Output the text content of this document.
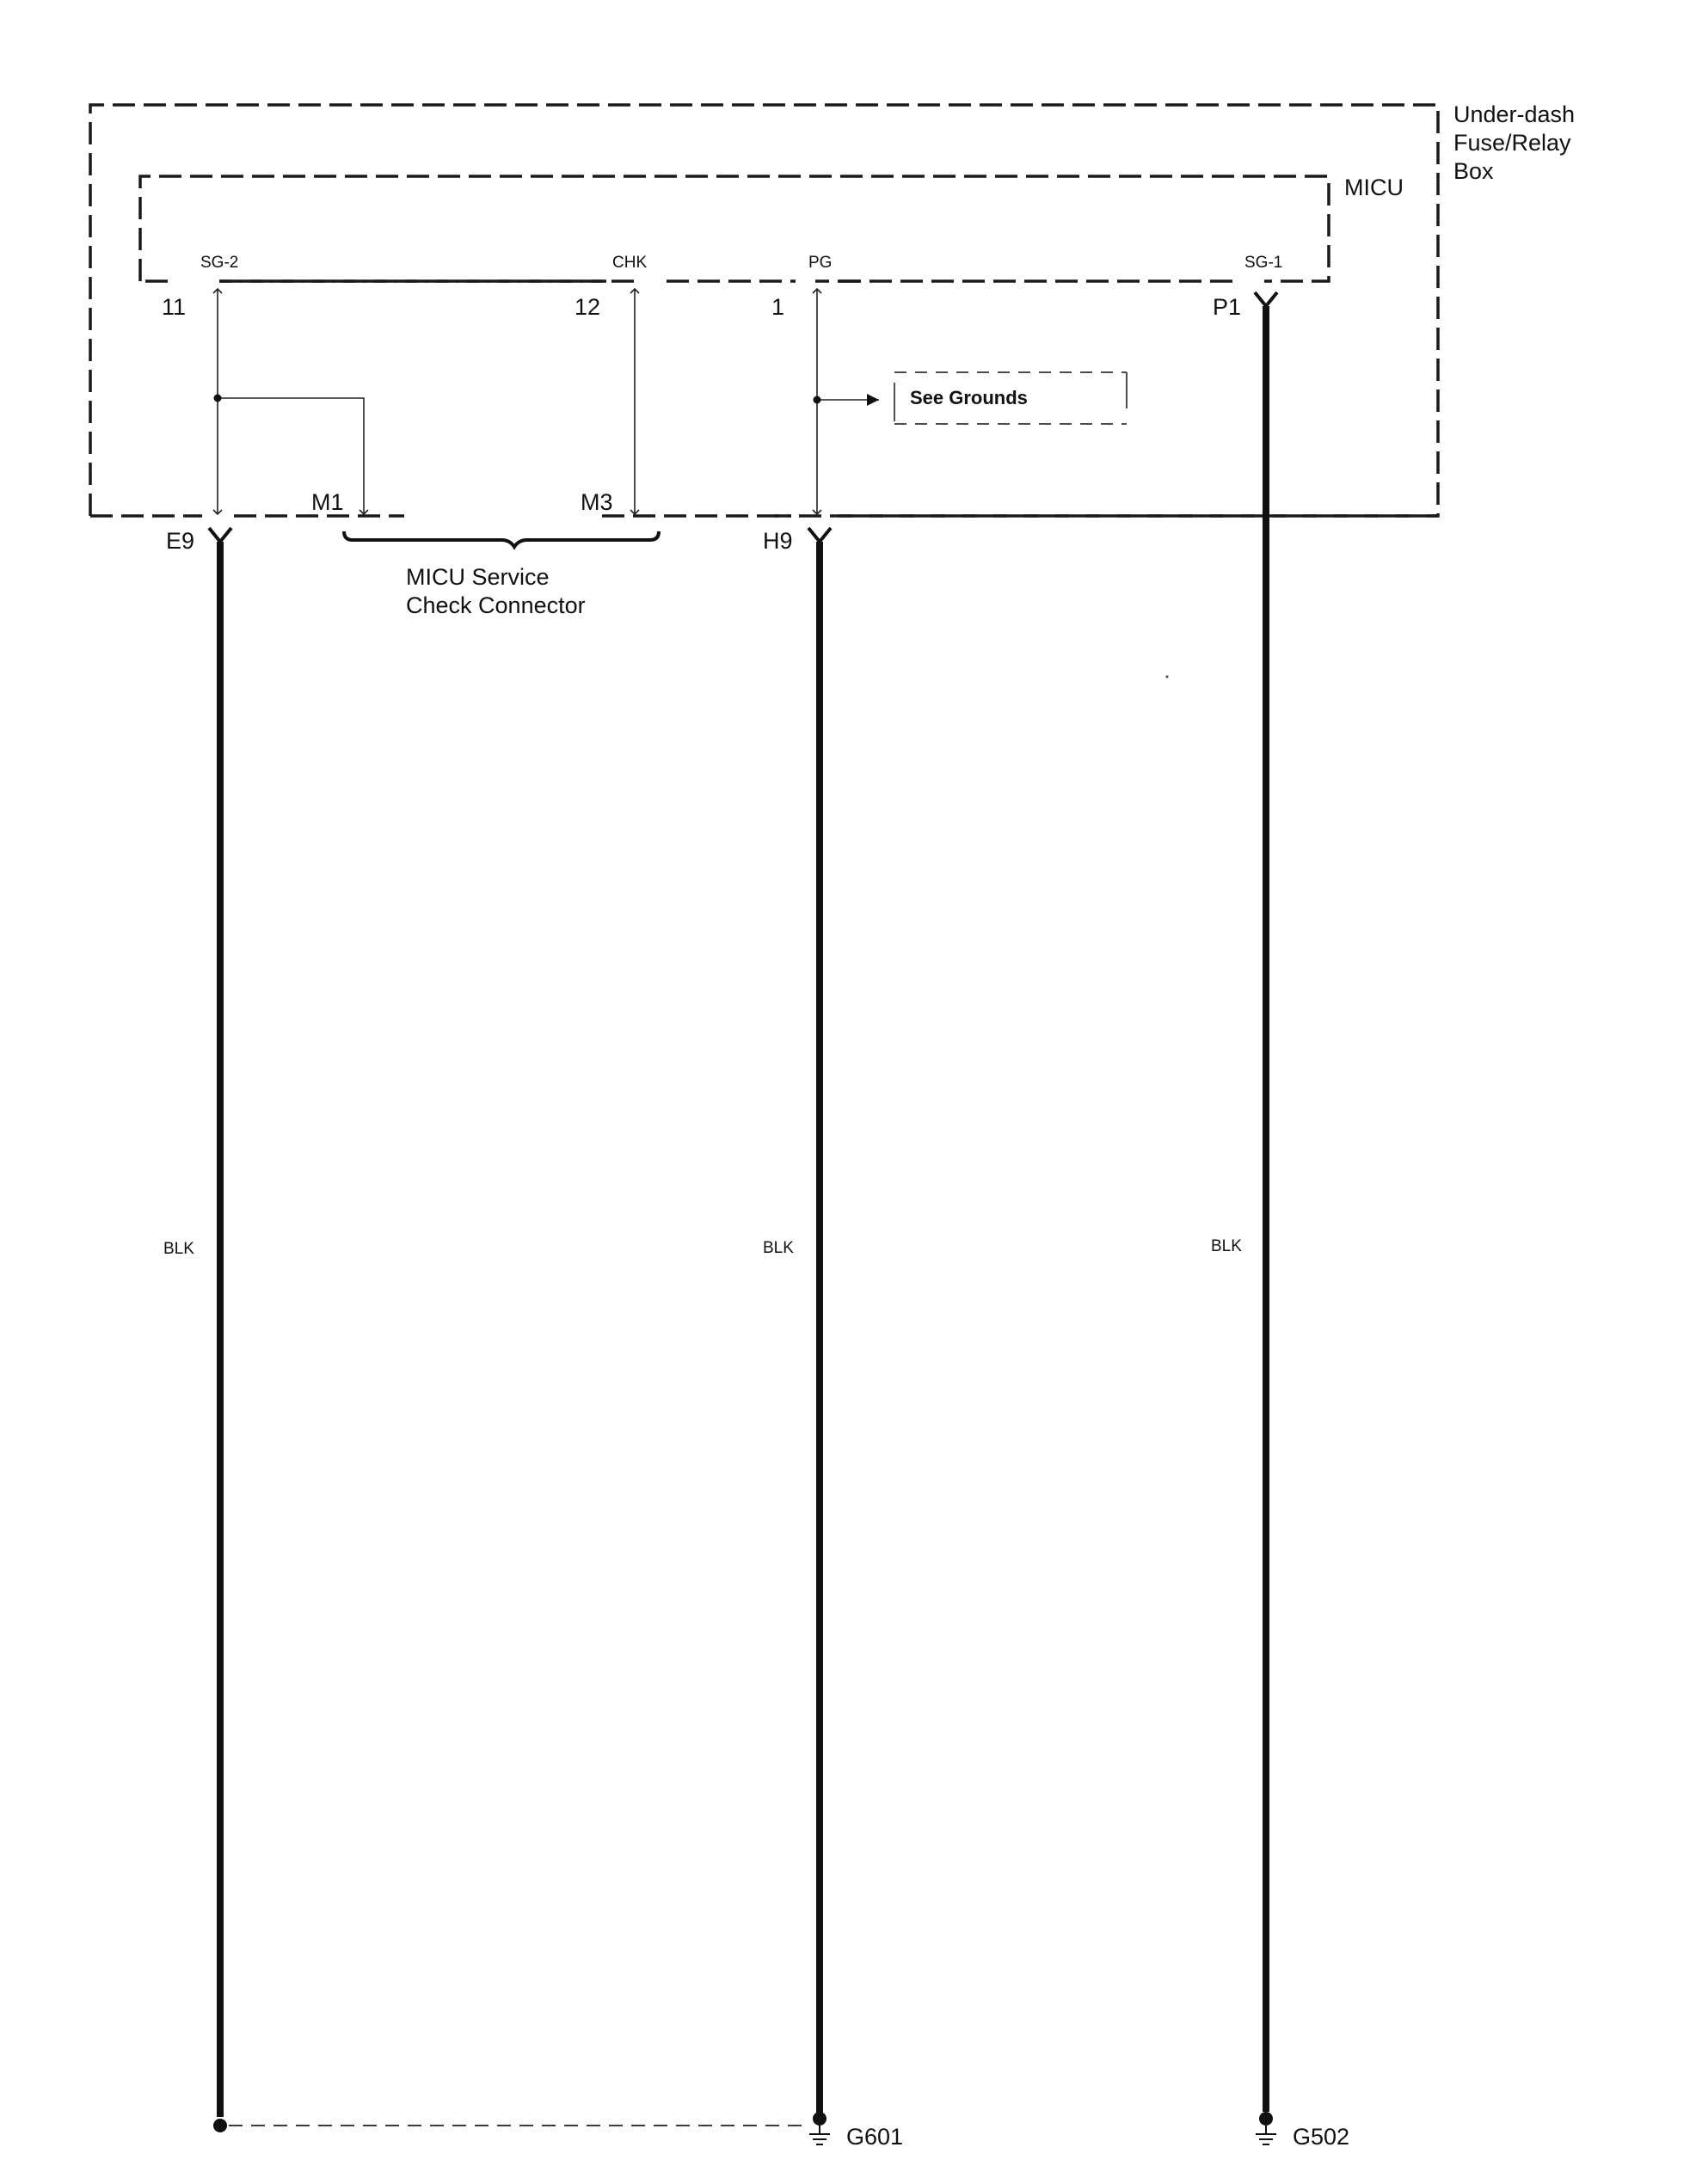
Under-dash
Fuse/Relay
Box
MICU
SG-2	CHK	PG	SG-1
11	12	1	P1
See Grounds
M1	M3
MICU Service
Check Connector
E9	H9
BLK	BLK	BLK
G601	G502
